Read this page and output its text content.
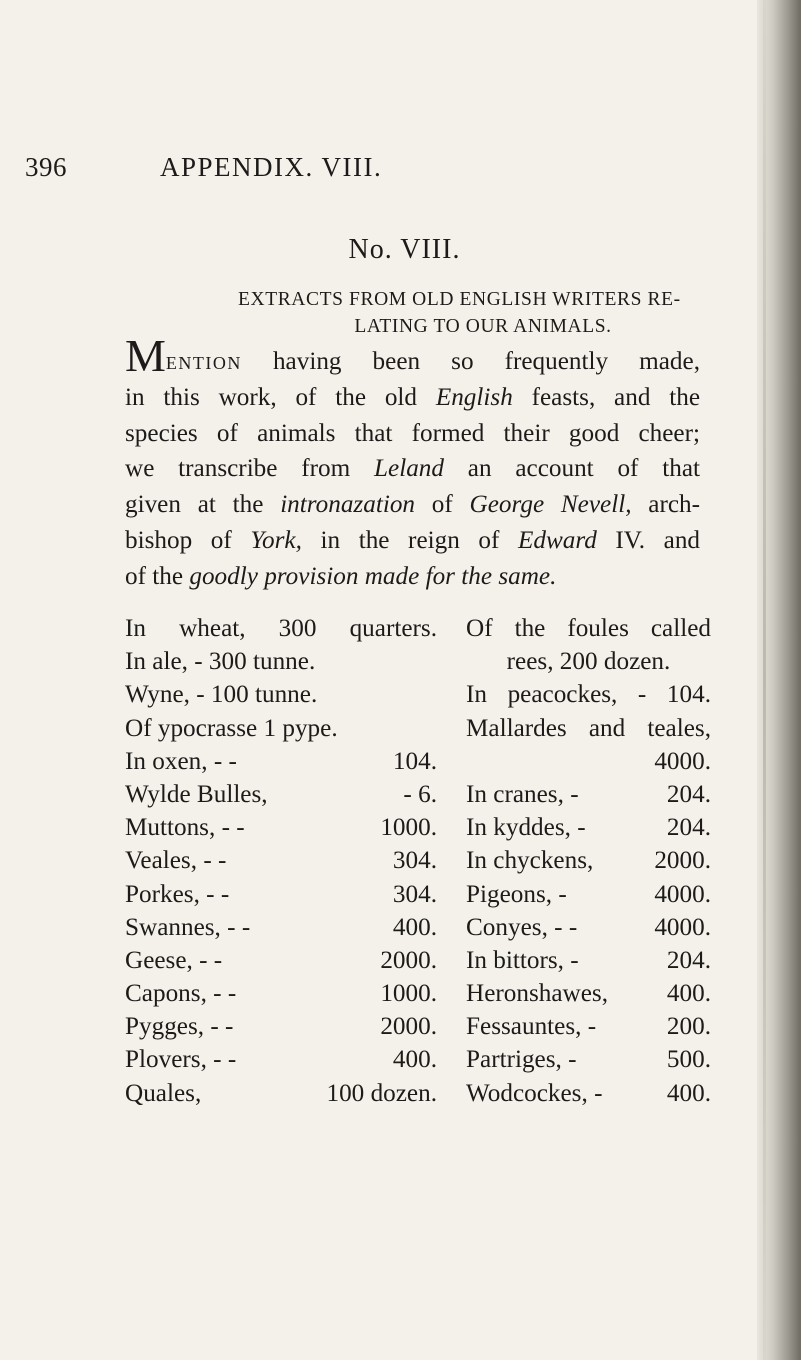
396	APPENDIX. VIII.
No. VIII.
EXTRACTS FROM OLD ENGLISH WRITERS RE-
LATING TO OUR ANIMALS.
Mention having been so frequently made,
in this work, of the old English feasts, and the
species of animals that formed their good cheer;
we transcribe from Leland an account of that
given at the intronazation of George Nevell, arch-
bishop of York, in the reign of Edward IV. and
of the goodly provision made for the same.
In wheat, 300 quarters.
In ale, - 300 tunne.
Wyne, - 100 tunne.
Of ypocrasse 1 pype.
In oxen, - -	104.
Wylde Bulles,	- 6.
Muttons, - -	1000.
Veales, - -	304.
Porkes, - -	304.
Swannes, - -	400.
Geese, - -	2000.
Capons, - -	1000.
Pygges, - -	2000.
Plovers, - -	400.
Quales,	100 dozen.
Of the foules called
rees, 200 dozen.
In peacockes, - 104.
Mallardes and teales,
4000.
In cranes, -	204.
In kyddes, -	204.
In chyckens, 2000.
Pigeons, -	4000.
Conyes, - -	4000.
In bittors, -	204.
Heronshawes, 400.
Fessauntes, -	200.
Partriges, -	500.
Wodcockes, -	400.
